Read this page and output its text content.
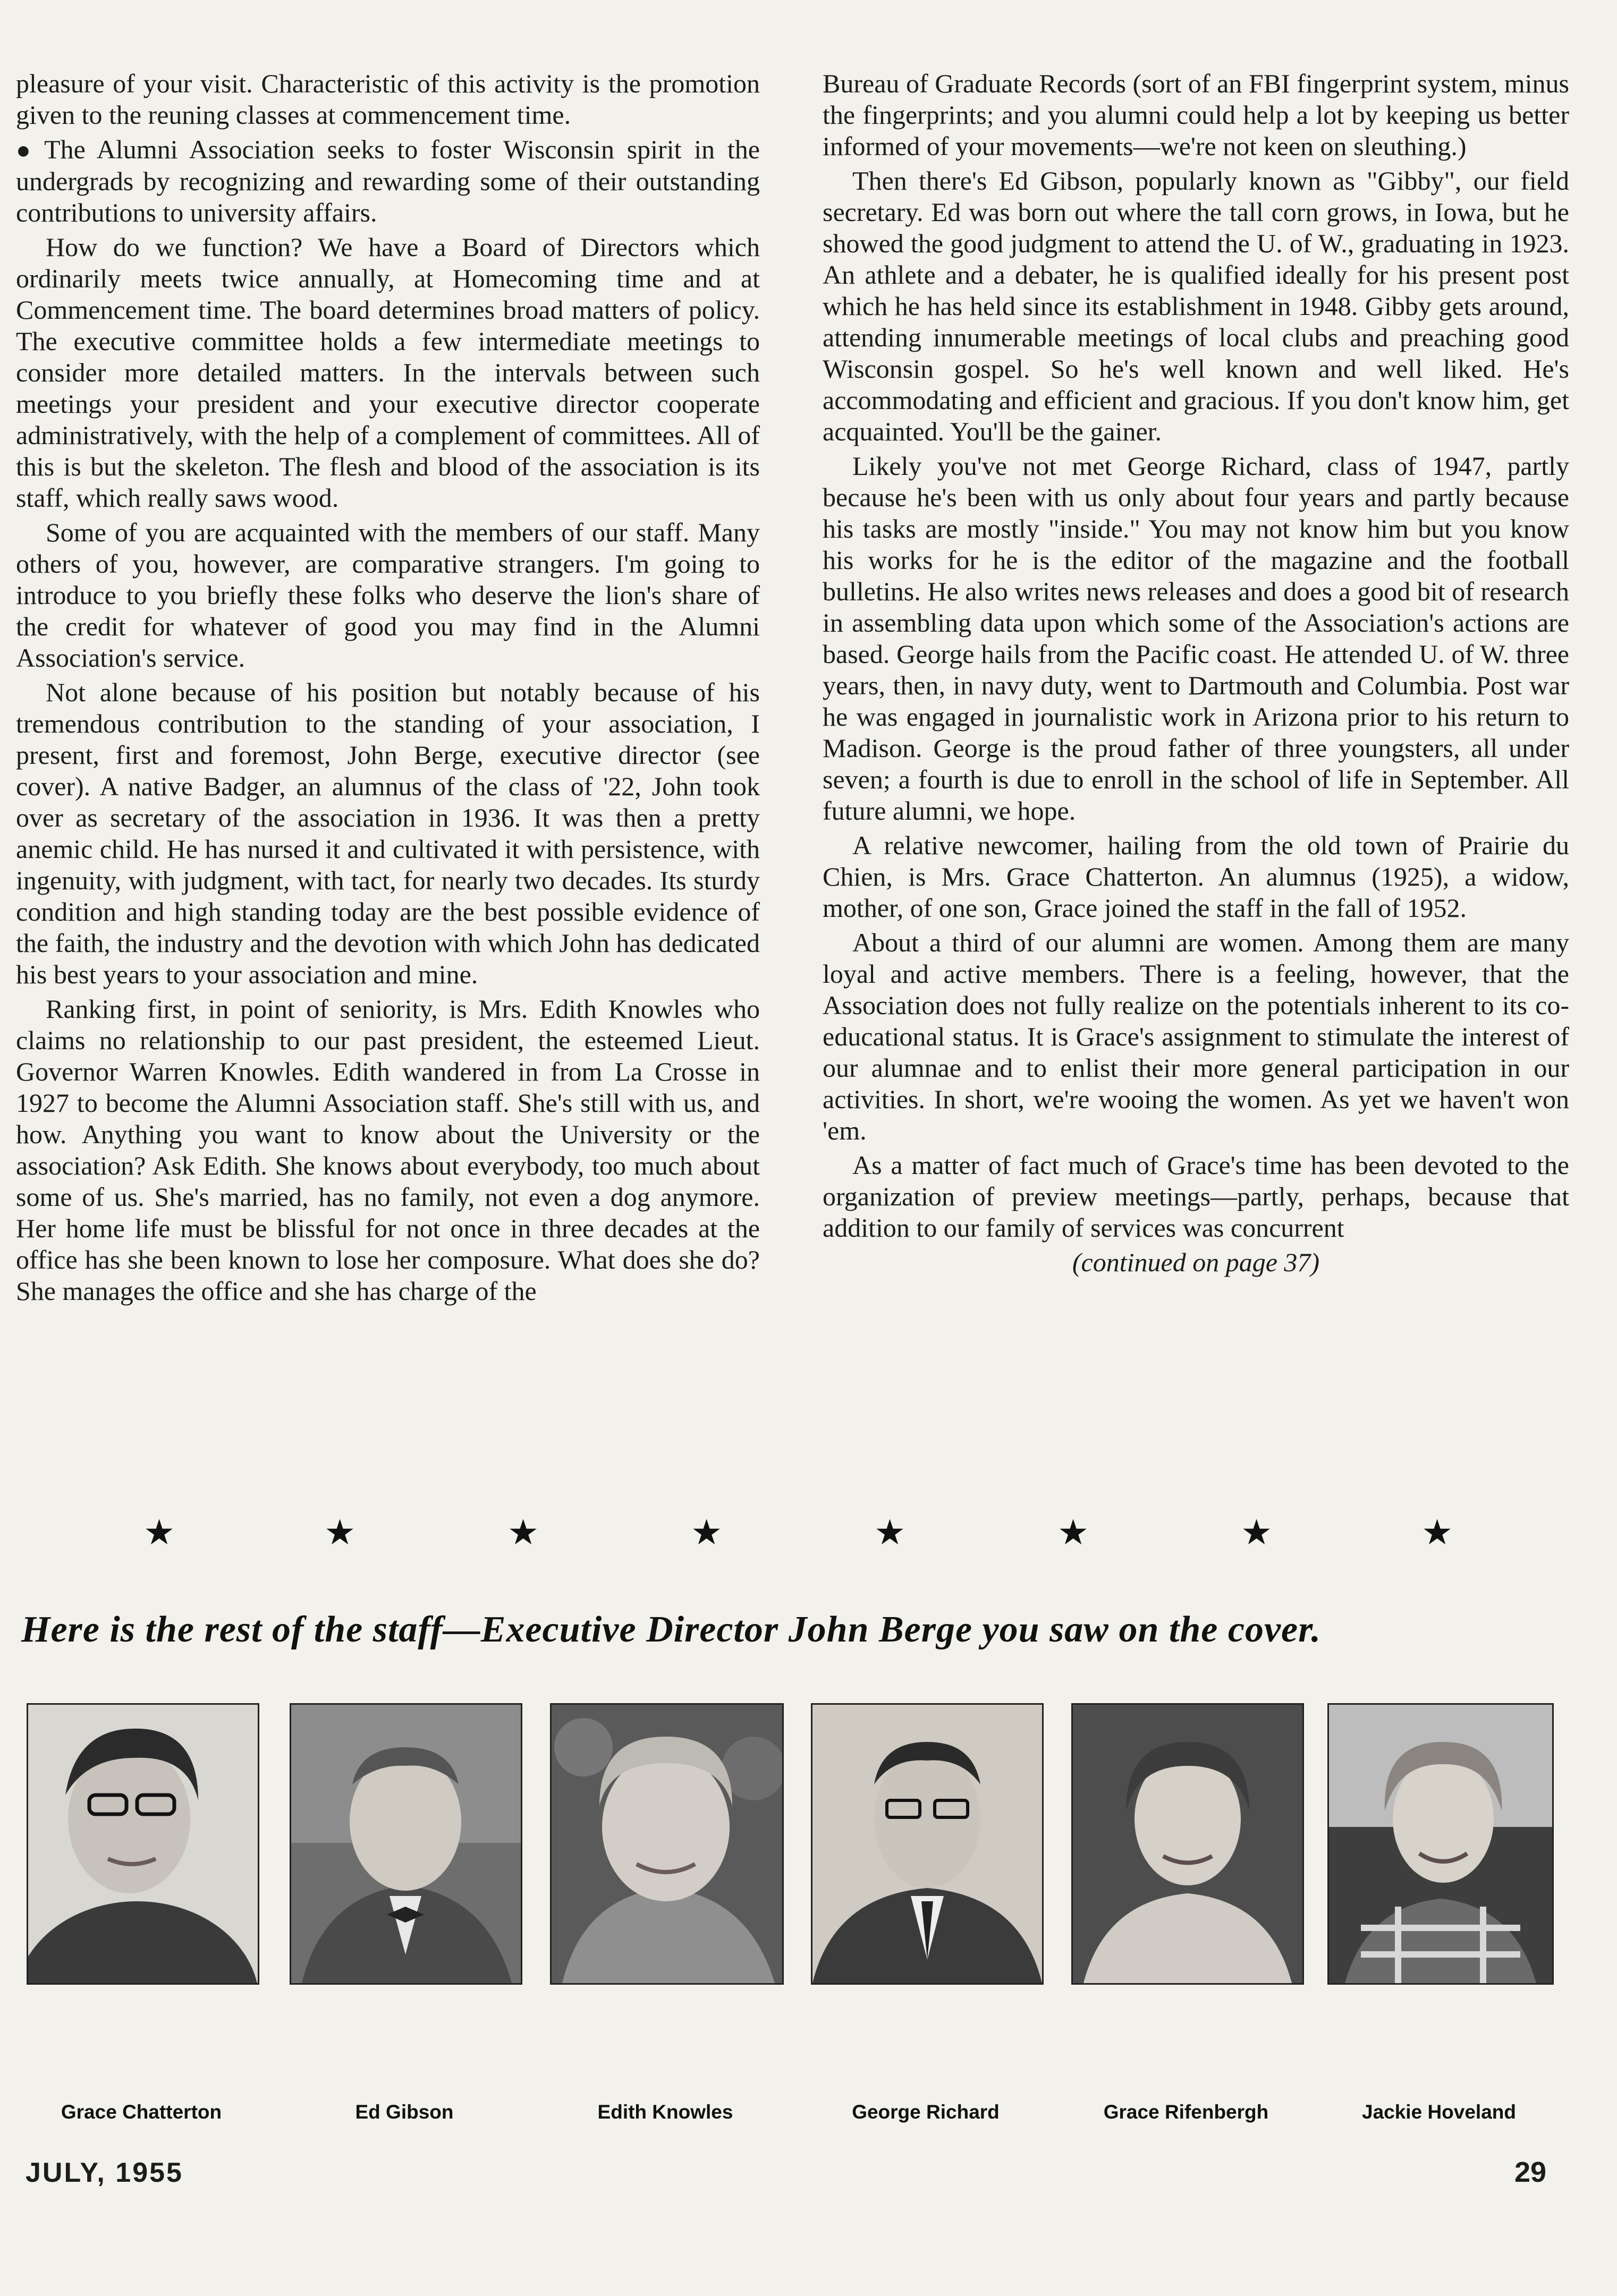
pleasure of your visit. Characteristic of this activity is the promotion given to the reuning classes at commencement time.

● The Alumni Association seeks to foster Wisconsin spirit in the undergrads by recognizing and rewarding some of their outstanding contributions to university affairs.

How do we function? We have a Board of Directors which ordinarily meets twice annually, at Homecoming time and at Commencement time. The board determines broad matters of policy. The executive committee holds a few intermediate meetings to consider more detailed matters. In the intervals between such meetings your president and your executive director cooperate administratively, with the help of a complement of committees. All of this is but the skeleton. The flesh and blood of the association is its staff, which really saws wood.

Some of you are acquainted with the members of our staff. Many others of you, however, are comparative strangers. I'm going to introduce to you briefly these folks who deserve the lion's share of the credit for whatever of good you may find in the Alumni Association's service.

Not alone because of his position but notably because of his tremendous contribution to the standing of your association, I present, first and foremost, John Berge, executive director (see cover). A native Badger, an alumnus of the class of '22, John took over as secretary of the association in 1936. It was then a pretty anemic child. He has nursed it and cultivated it with persistence, with ingenuity, with judgment, with tact, for nearly two decades. Its sturdy condition and high standing today are the best possible evidence of the faith, the industry and the devotion with which John has dedicated his best years to your association and mine.

Ranking first, in point of seniority, is Mrs. Edith Knowles who claims no relationship to our past president, the esteemed Lieut. Governor Warren Knowles. Edith wandered in from La Crosse in 1927 to become the Alumni Association staff. She's still with us, and how. Anything you want to know about the University or the association? Ask Edith. She knows about everybody, too much about some of us. She's married, has no family, not even a dog anymore. Her home life must be blissful for not once in three decades at the office has she been known to lose her composure. What does she do? She manages the office and she has charge of the

Bureau of Graduate Records (sort of an FBI fingerprint system, minus the fingerprints; and you alumni could help a lot by keeping us better informed of your movements—we're not keen on sleuthing.)

Then there's Ed Gibson, popularly known as "Gibby", our field secretary. Ed was born out where the tall corn grows, in Iowa, but he showed the good judgment to attend the U. of W., graduating in 1923. An athlete and a debater, he is qualified ideally for his present post which he has held since its establishment in 1948. Gibby gets around, attending innumerable meetings of local clubs and preaching good Wisconsin gospel. So he's well known and well liked. He's accommodating and efficient and gracious. If you don't know him, get acquainted. You'll be the gainer.

Likely you've not met George Richard, class of 1947, partly because he's been with us only about four years and partly because his tasks are mostly "inside." You may not know him but you know his works for he is the editor of the magazine and the football bulletins. He also writes news releases and does a good bit of research in assembling data upon which some of the Association's actions are based. George hails from the Pacific coast. He attended U. of W. three years, then, in navy duty, went to Dartmouth and Columbia. Post war he was engaged in journalistic work in Arizona prior to his return to Madison. George is the proud father of three youngsters, all under seven; a fourth is due to enroll in the school of life in September. All future alumni, we hope.

A relative newcomer, hailing from the old town of Prairie du Chien, is Mrs. Grace Chatterton. An alumnus (1925), a widow, mother, of one son, Grace joined the staff in the fall of 1952.

About a third of our alumni are women. Among them are many loyal and active members. There is a feeling, however, that the Association does not fully realize on the potentials inherent to its co-educational status. It is Grace's assignment to stimulate the interest of our alumnae and to enlist their more general participation in our activities. In short, we're wooing the women. As yet we haven't won 'em.

As a matter of fact much of Grace's time has been devoted to the organization of preview meetings—partly, perhaps, because that addition to our family of services was concurrent

(continued on page 37)
★	★	★	★	★	★	★	★
Here is the rest of the staff—Executive Director John Berge you saw on the cover.
Grace Chatterton	Ed Gibson	Edith Knowles	George Richard	Grace Rifenbergh	Jackie Hoveland
JULY, 1955	29
